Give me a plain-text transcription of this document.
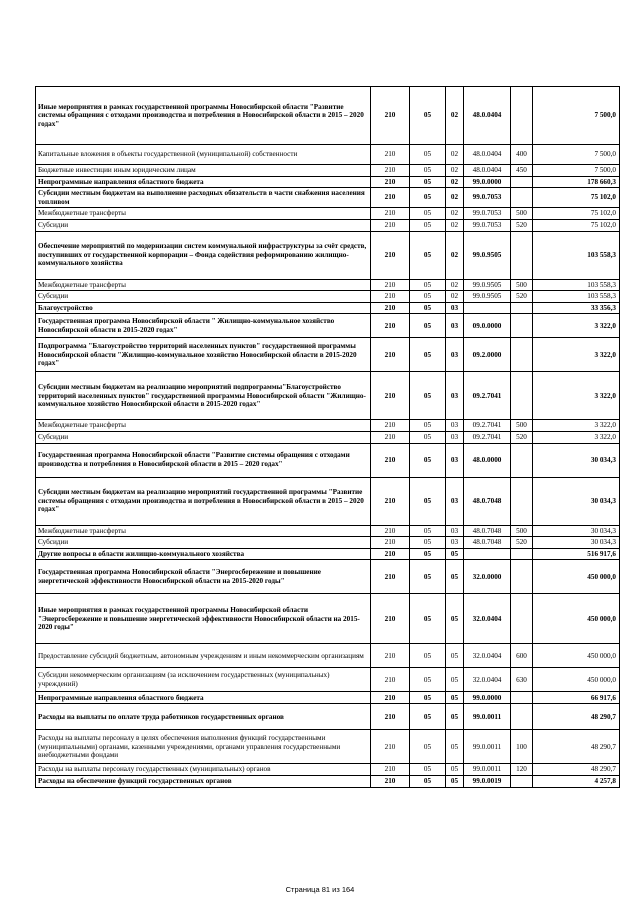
Иные мероприятия в рамках государственной программы Новосибирской области "Развитие системы обращения с отходами производства и потребления в Новосибирской области в 2015 – 2020 годах"	210	05	02	48.0.0404		7 500,0
Капитальные вложения в объекты государственной (муниципальной) собственности	210	05	02	48.0.0404	400	7 500,0
Бюджетные инвестиции иным юридическим лицам	210	05	02	48.0.0404	450	7 500,0
Непрограммные направления областного бюджета	210	05	02	99.0.0000		178 660,3
Субсидии местным бюджетам на выполнение расходных обязательств в части снабжения населения топливом	210	05	02	99.0.7053		75 102,0
Межбюджетные трансферты	210	05	02	99.0.7053	500	75 102,0
Субсидии	210	05	02	99.0.7053	520	75 102,0
Обеспечение мероприятий по модернизации систем коммунальной инфраструктуры за счёт средств, поступивших от государственной корпорации – Фонда содействия реформированию жилищно-коммунального хозяйства	210	05	02	99.0.9505		103 558,3
Межбюджетные трансферты	210	05	02	99.0.9505	500	103 558,3
Субсидии	210	05	02	99.0.9505	520	103 558,3
Благоустройство	210	05	03			33 356,3
Государственная программа Новосибирской области " Жилищно-коммунальное хозяйство Новосибирской области в 2015-2020 годах"	210	05	03	09.0.0000		3 322,0
Подпрограмма "Благоустройство территорий населенных пунктов" государственной программы Новосибирской области "Жилищно-коммунальное хозяйство Новосибирской области в 2015-2020 годах"	210	05	03	09.2.0000		3 322,0
Субсидии местным бюджетам на реализацию мероприятий подпрограммы"Благоустройство территорий населенных пунктов" государственной программы Новосибирской области "Жилищно-коммунальное хозяйство Новосибирской области в 2015-2020 годах"	210	05	03	09.2.7041		3 322,0
Межбюджетные трансферты	210	05	03	09.2.7041	500	3 322,0
Субсидии	210	05	03	09.2.7041	520	3 322,0
Государственная программа Новосибирской области "Развитие системы обращения с отходами производства и потребления в Новосибирской области в 2015 – 2020 годах"	210	05	03	48.0.0000		30 034,3
Субсидии местным бюджетам на реализацию мероприятий государственной программы "Развитие системы обращения с отходами производства и потребления в Новосибирской области в 2015 – 2020 годах"	210	05	03	48.0.7048		30 034,3
Межбюджетные трансферты	210	05	03	48.0.7048	500	30 034,3
Субсидии	210	05	03	48.0.7048	520	30 034,3
Другие вопросы в области жилищно-коммунального хозяйства	210	05	05			516 917,6
Государственная программа Новосибирской области "Энергосбережение и повышение энергетической эффективности Новосибирской области на 2015-2020 годы"	210	05	05	32.0.0000		450 000,0
Иные мероприятия в рамках государственной программы Новосибирской области "Энергосбережение и повышение энергетической эффективности Новосибирской области на 2015- 2020 годы"	210	05	05	32.0.0404		450 000,0
Предоставление субсидий бюджетным, автономным учреждениям и иным некоммерческим организациям	210	05	05	32.0.0404	600	450 000,0
Субсидии некоммерческим организациям (за исключением государственных (муниципальных) учреждений)	210	05	05	32.0.0404	630	450 000,0
Непрограммные направления областного бюджета	210	05	05	99.0.0000		66 917,6
Расходы на выплаты по оплате труда работников государственных органов	210	05	05	99.0.0011		48 290,7
Расходы на выплаты персоналу в целях обеспечения выполнения функций государственными (муниципальными) органами, казенными учреждениями, органами управления государственными внебюджетными фондами	210	05	05	99.0.0011	100	48 290,7
Расходы на выплаты персоналу государственных (муниципальных) органов	210	05	05	99.0.0011	120	48 290,7
Расходы на обеспечение функций государственных органов	210	05	05	99.0.0019		4 257,8
Страница 81 из 164
